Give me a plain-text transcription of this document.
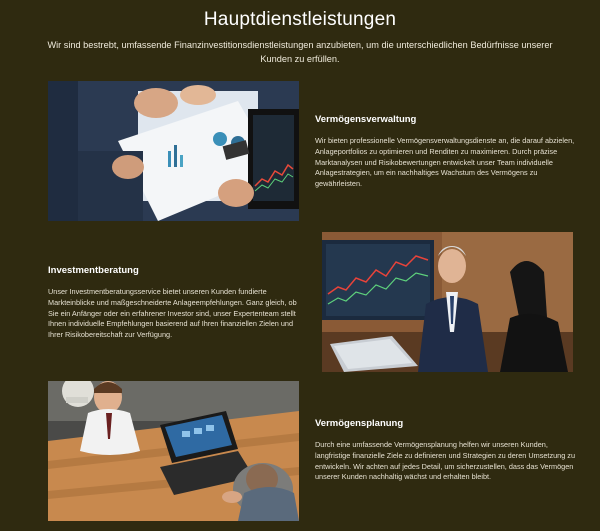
Hauptdienstleistungen
Wir sind bestrebt, umfassende Finanzinvestitionsdienstleistungen anzubieten, um die unterschiedlichen Bedürfnisse unserer Kunden zu erfüllen.
Vermögensverwaltung
Wir bieten professionelle Vermögensverwaltungsdienste an, die darauf abzielen, Anlageportfolios zu optimieren und Renditen zu maximieren. Durch präzise Marktanalysen und Risikobewertungen entwickelt unser Team individuelle Anlagestrategien, um ein nachhaltiges Wachstum des Vermögens zu gewährleisten.
Investmentberatung
Unser Investmentberatungsservice bietet unseren Kunden fundierte Markteinblicke und maßgeschneiderte Anlageempfehlungen. Ganz gleich, ob Sie ein Anfänger oder ein erfahrener Investor sind, unser Expertenteam stellt Ihnen individuelle Empfehlungen basierend auf Ihren finanziellen Zielen und Ihrer Risikobereitschaft zur Verfügung.
Vermögensplanung
Durch eine umfassende Vermögensplanung helfen wir unseren Kunden, langfristige finanzielle Ziele zu definieren und Strategien zu deren Umsetzung zu entwickeln. Wir achten auf jedes Detail, um sicherzustellen, dass das Vermögen unserer Kunden nachhaltig wächst und erhalten bleibt.
